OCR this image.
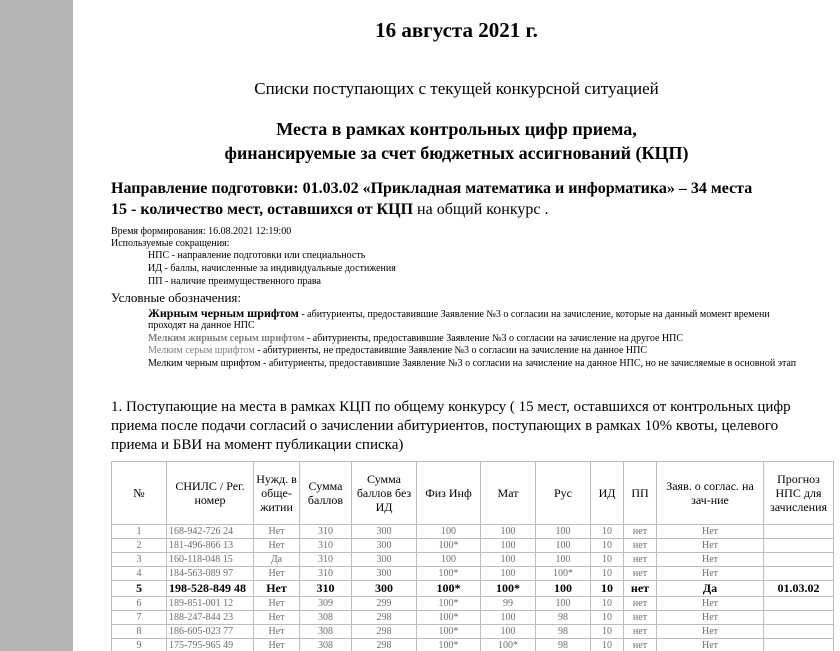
16 августа 2021 г.
Списки поступающих с текущей конкурсной ситуацией
Места в рамках контрольных цифр приема,
финансируемые за счет бюджетных ассигнований (КЦП)
Направление подготовки: 01.03.02 «Прикладная математика и информатика» – 34 места
15 - количество мест, оставшихся от КЦП на общий конкурс .
Время формирования: 16.08.2021 12:19:00
Используемые сокращения:
НПС - направление подготовки или специальность
ИД - баллы, начисленные за индивидуальные достижения
ПП - наличие преимущественного права
Условные обозначения:
Жирным черным шрифтом - абитуриенты, предоставившие Заявление №3 о согласии на зачисление, которые на данный момент времени
проходят на данное НПС
Мелким жирным серым шрифтом - абитуриенты, предоставившие Заявление №3 о согласии на зачисление на другое НПС
Мелким серым шрифтом - абитуриенты, не предоставившие Заявление №3 о согласии на зачисление на данное НПС
Мелким черным шрифтом - абитуриенты, предоставившие Заявление №3 о согласии на зачисление на данное НПС, но не зачисляемые в основной этап
1. Поступающие на места в рамках КЦП по общему конкурсу ( 15 мест, оставшихся от контрольных цифр
приема после подачи согласий о зачислении абитуриентов, поступающих в рамках 10% квоты, целевого
приема и БВИ на момент публикации списка)
№	СНИЛС / Рег. номер	Нужд. в обще-житии	Сумма баллов	Сумма баллов без ИД	Физ Инф	Мат	Рус	ИД	ПП	Заяв. о соглас. на зач-ние	Прогноз НПС для зачисления
1	168-942-726 24	Нет	310	300	100	100	100	10	нет	Нет	
2	181-496-866 13	Нет	310	300	100*	100	100	10	нет	Нет	
3	160-118-048 15	Да	310	300	100	100	100	10	нет	Нет	
4	184-563-089 97	Нет	310	300	100*	100	100*	10	нет	Нет	
5	198-528-849 48	Нет	310	300	100*	100*	100	10	нет	Да	01.03.02
6	189-851-001 12	Нет	309	299	100*	99	100	10	нет	Нет	
7	188-247-844 23	Нет	308	298	100*	100	98	10	нет	Нет	
8	186-605-023 77	Нет	308	298	100*	100	98	10	нет	Нет	
9	175-795-965 49	Нет	308	298	100*	100*	98	10	нет	Нет	
